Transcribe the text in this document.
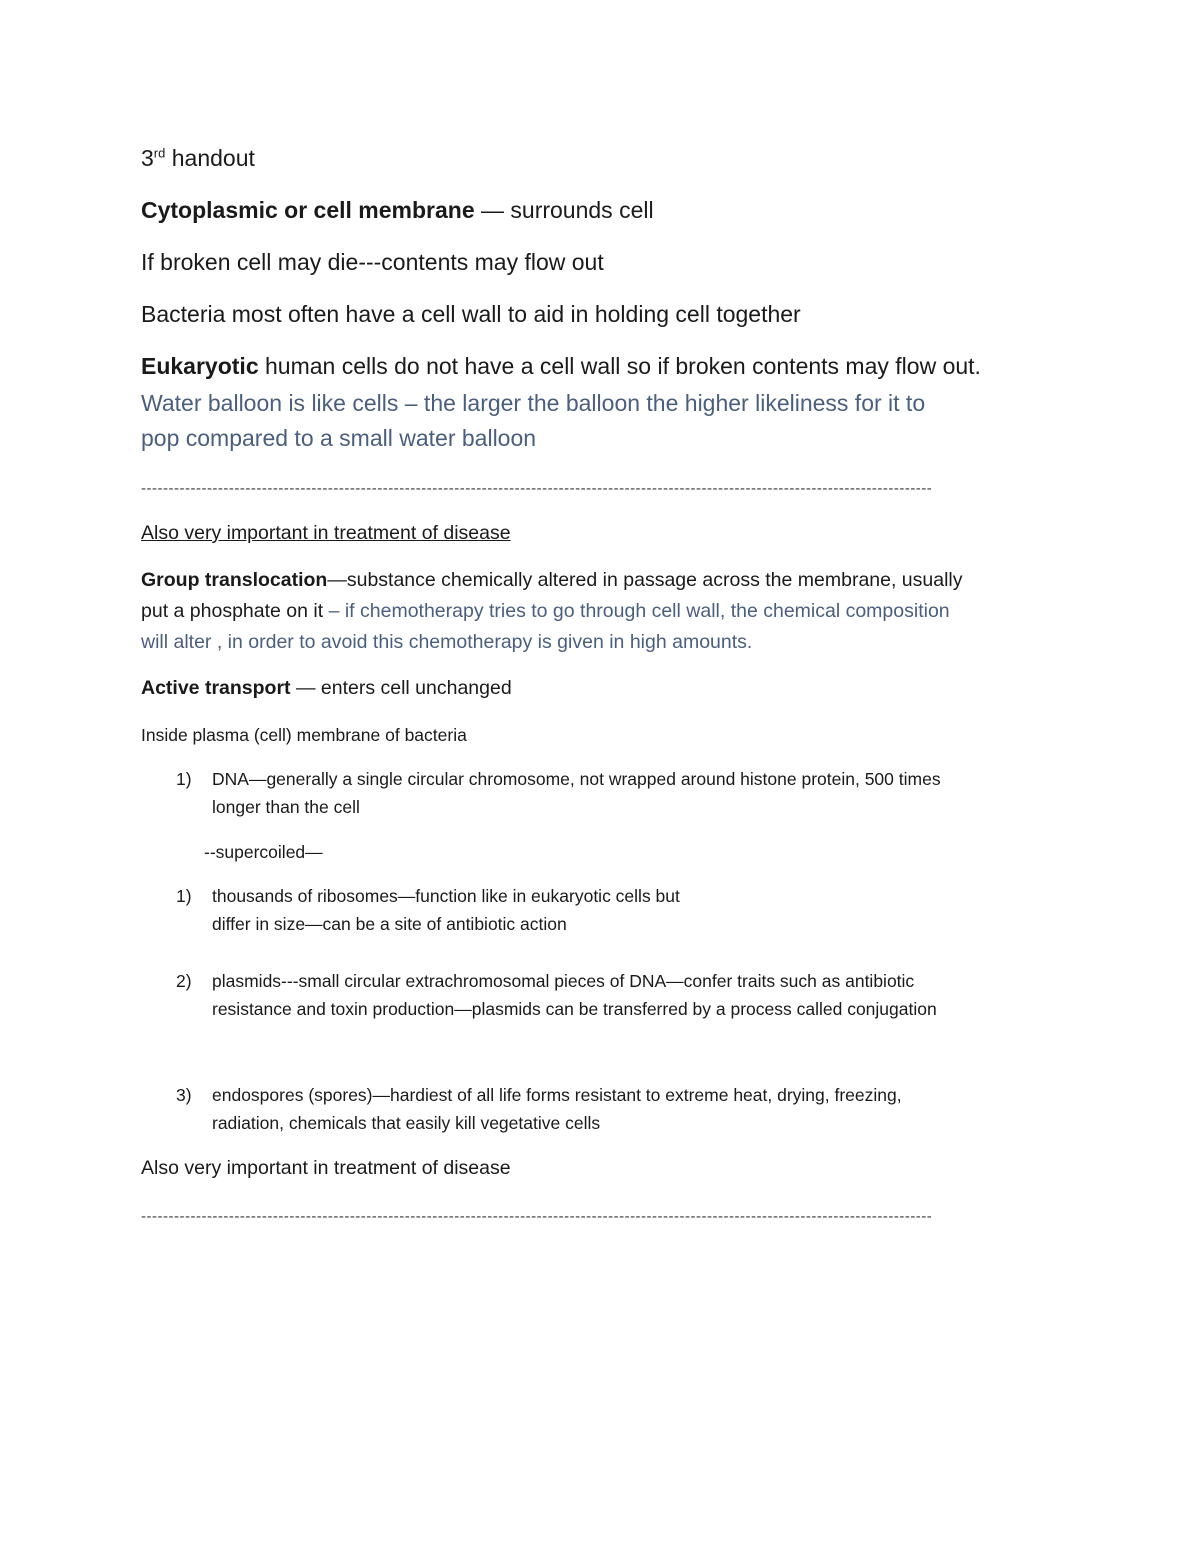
3rd handout
Cytoplasmic or cell membrane — surrounds cell
If broken cell may die---contents may flow out
Bacteria most often have a cell wall to aid in holding cell together
Eukaryotic human cells do not have a cell wall so if broken contents may flow out.
Water balloon is like cells – the larger the balloon the higher likeliness for it to
pop compared to a small water balloon
------------------------------------------------------------------------------------------------------------------------------------------------
Also very important in treatment of disease
Group translocation—substance chemically altered in passage across the membrane, usually
put a phosphate on it – if chemotherapy tries to go through cell wall, the chemical composition
will alter , in order to avoid this chemotherapy is given in high amounts.
Active transport — enters cell unchanged
Inside plasma (cell) membrane of bacteria
1) DNA—generally a single circular chromosome, not wrapped around histone protein, 500 times
longer than the cell
--supercoiled—
1) thousands of ribosomes—function like in eukaryotic cells but
differ in size—can be a site of antibiotic action
2) plasmids---small circular extrachromosomal pieces of DNA—confer traits such as antibiotic
resistance and toxin production—plasmids can be transferred by a process called conjugation
3) endospores (spores)—hardiest of all life forms resistant to extreme heat, drying, freezing,
radiation, chemicals that easily kill vegetative cells
Also very important in treatment of disease
------------------------------------------------------------------------------------------------------------------------------------------------
